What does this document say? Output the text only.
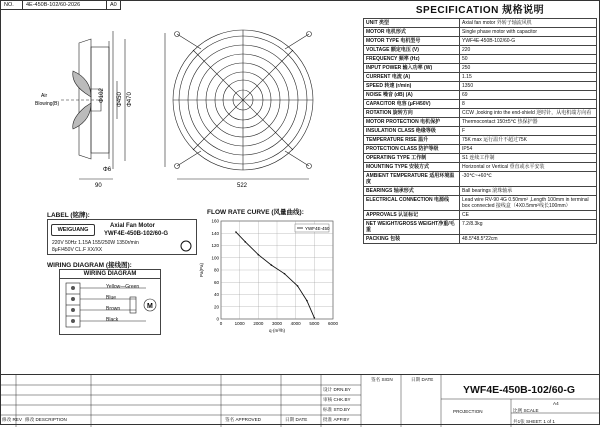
NO.	4E-450B-102/60-2026	A0
Φ102 Φ450 Φ470
Φ6
90	522
Air
Blowing(B)
SPECIFICATION 规格说明
UNIT 类型	Axial fan motor 外转子轴流风机
MOTOR 电机形式	Single phase motor with capacitor
MOTOR TYPE 电机型号	YWF4E-450B-102/60-G
VOLTAGE 额定电压 (V)	220
FREQUENCY 频率 (Hz)	50
INPUT POWER 输入功率 (W)	250
CURRENT 电流 (A)	1.15
SPEED 转速 (r/min)	1350
NOISE 噪音 (dB) (A)	69
CAPACITOR 电容 (μF/450V)	8
ROTATION 旋转方向	CCW ,looking into the end-shield 逆时针，从电机端方向看
MOTOR PROTECTION 电机保护	Thermocontact 150±5℃ 热保护器
INSULATION CLASS 绝缘等级	F
TEMPERATURE RISE 温升	75K max 运行温升不超过75K
PROTECTION CLASS 防护等级	IP54
OPERATING TYPE 工作制	S1 连续工作制
MOUNTING TYPE 安装方式	Horizontal or Vertical 垂直或水平安装
AMBIENT TEMPERATURE 适用环境温度	-30℃~+60℃
BEARINGS 轴承形式	Ball bearings 滚珠轴承
ELECTRICAL CONNECTION 电源线	Lead wire RV-90 4G 0.50mm² ,Length 100mm in terminal box connected 接线盒（4X0.5mm²线长100mm）
APPROVALS 认证标记	CE
NET WEIGHT/GROSS WEIGHT净重/毛重	7.2/8.3kg
PACKING 包装	48.5*48.5*22cm
LABEL (铭牌):
WEIGUANG
Axial Fan Motor
YWF4E-450B-102/60-G
220V 50Hz 1.15A 155/250W 1350r/min
8μF/450V CL.F XX/XX
WIRING DIAGRAM (接线图):
WIRING DIAGRAM
Yellow—Green
Blue
Brown
Black
M
FLOW RATE CURVE (风量曲线):
0
20
40
60
80
100
120
140
160
0	1000 2000 3000 4000 5000 6000
q·(m³/h)
Pa(Pa)
YWF4E-450
签名 SIGN	日期 DATE
设计 DRN.BY
审核 CHK.BY
标准 STD.BY
批准 APP.BY
修改 REV 修改 DESCRIPTION	签名 APPROVED	日期 DATE
PROJECTION
A4
比例 SCALE
共1张 SHEET: 1 of 1
YWF4E-450B-102/60-G
